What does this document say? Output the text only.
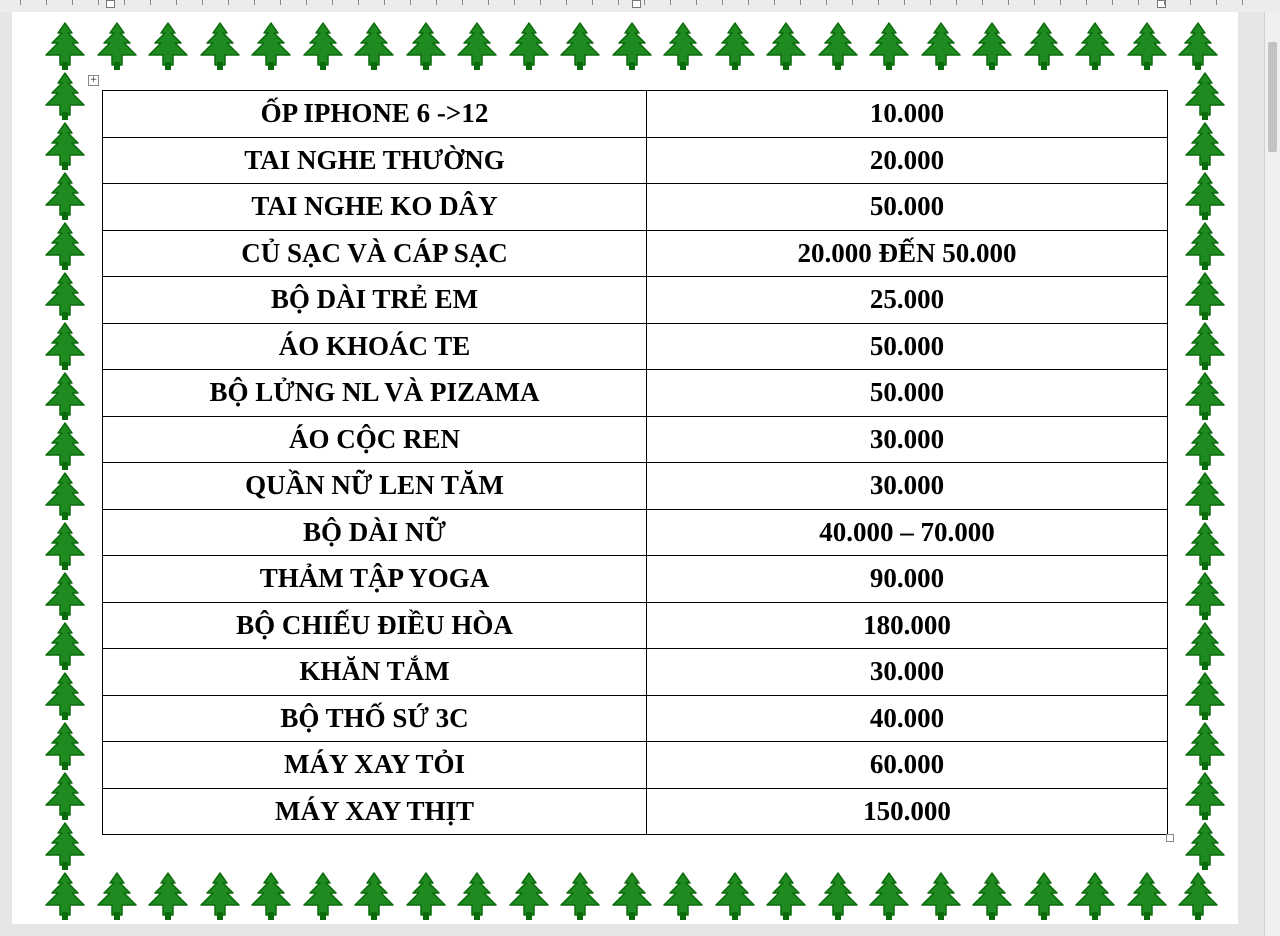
+
ỐP IPHONE 6 ->12	10.000
TAI NGHE THƯỜNG	20.000
TAI NGHE KO DÂY	50.000
CỦ SẠC VÀ CÁP SẠC	20.000 ĐẾN 50.000
BỘ DÀI TRẺ EM	25.000
ÁO KHOÁC TE	50.000
BỘ LỬNG NL VÀ PIZAMA	50.000
ÁO CỘC REN	30.000
QUẦN NỮ LEN TĂM	30.000
BỘ DÀI NỮ	40.000 – 70.000
THẢM TẬP YOGA	90.000
BỘ CHIẾU ĐIỀU HÒA	180.000
KHĂN TẮM	30.000
BỘ THỐ SỨ 3C	40.000
MÁY XAY TỎI	60.000
MÁY XAY THỊT	150.000
